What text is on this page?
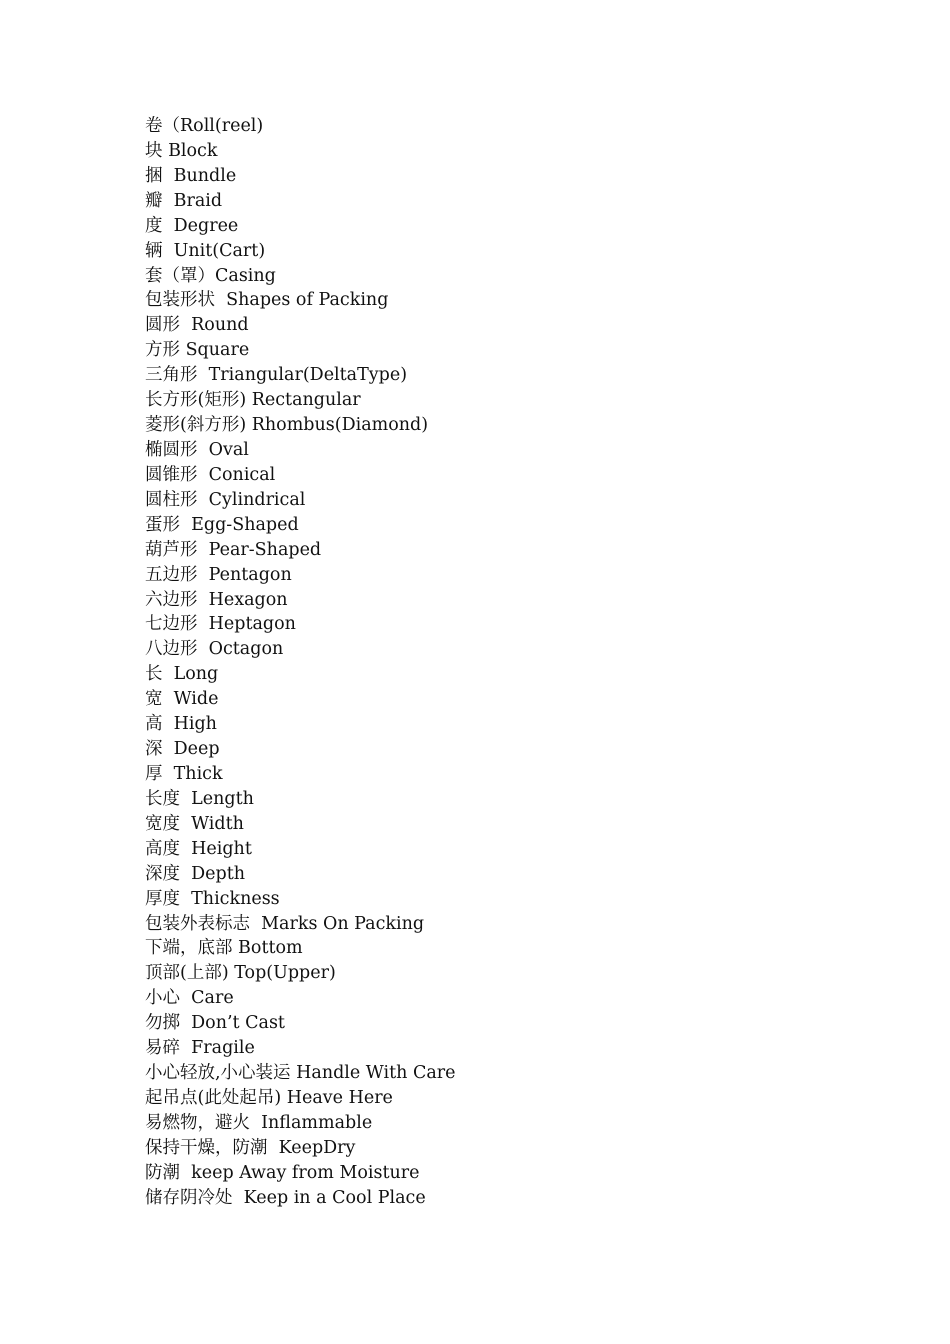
卷（Roll(reel)
块 Block
捆  Bundle
瓣  Braid
度  Degree
辆  Unit(Cart)
套（罩）Casing
包装形状  Shapes of Packing
圆形  Round
方形 Square
三角形  Triangular(DeltaType)
长方形(矩形) Rectangular
菱形(斜方形) Rhombus(Diamond)
椭圆形  Oval
圆锥形  Conical
圆柱形  Cylindrical
蛋形  Egg-Shaped
葫芦形  Pear-Shaped
五边形  Pentagon
六边形  Hexagon
七边形  Heptagon
八边形  Octagon
长  Long
宽  Wide
高  High
深  Deep
厚  Thick
长度  Length
宽度  Width
高度  Height
深度  Depth
厚度  Thickness
包装外表标志  Marks On Packing
下端，底部 Bottom
顶部(上部) Top(Upper)
小心  Care
勿掷  Don’t Cast
易碎  Fragile
小心轻放,小心装运 Handle With Care
起吊点(此处起吊) Heave Here
易燃物，避火  Inflammable
保持干燥，防潮  KeepDry
防潮  keep Away from Moisture
储存阴冷处  Keep in a Cool Place
